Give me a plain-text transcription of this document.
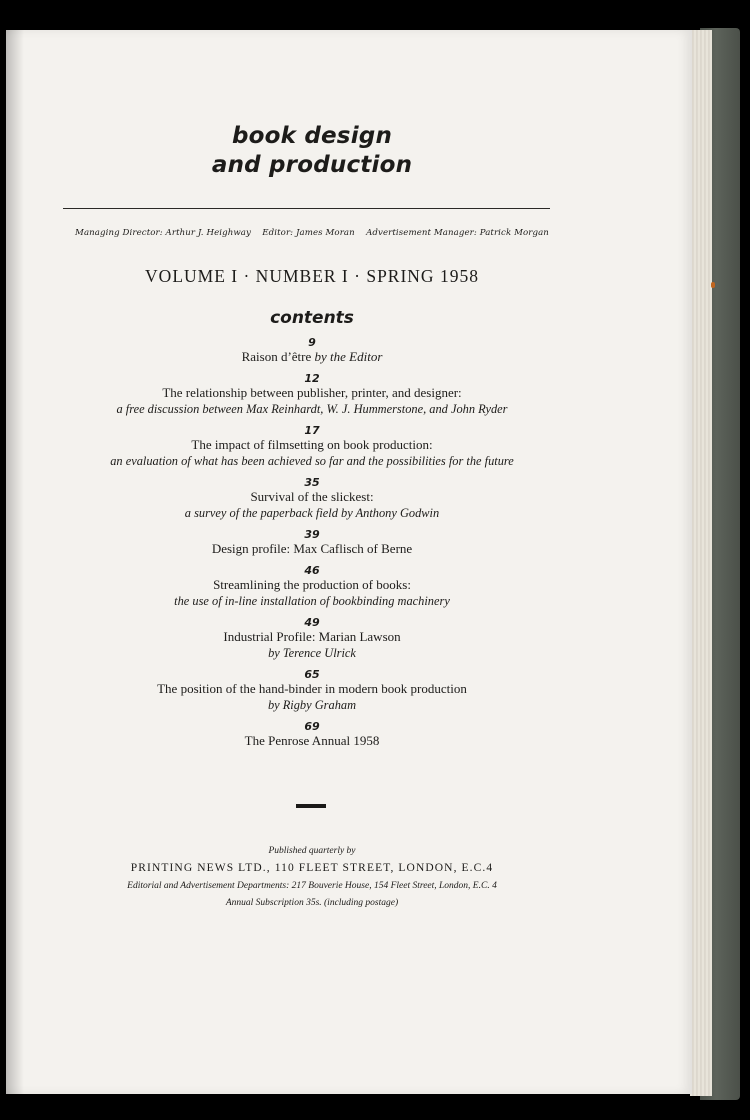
book design
and production
Managing Director: Arthur J. Heighway    Editor: James Moran    Advertisement Manager: Patrick Morgan
VOLUME I · NUMBER I · SPRING 1958
contents
9
Raison d’être by the Editor
12
The relationship between publisher, printer, and designer:
a free discussion between Max Reinhardt, W. J. Hummerstone, and John Ryder
17
The impact of filmsetting on book production:
an evaluation of what has been achieved so far and the possibilities for the future
35
Survival of the slickest:
a survey of the paperback field by Anthony Godwin
39
Design profile: Max Caflisch of Berne
46
Streamlining the production of books:
the use of in-line installation of bookbinding machinery
49
Industrial Profile: Marian Lawson
by Terence Ulrick
65
The position of the hand-binder in modern book production
by Rigby Graham
69
The Penrose Annual 1958
Published quarterly by
PRINTING NEWS LTD., 110 FLEET STREET, LONDON, E.C.4
Editorial and Advertisement Departments: 217 Bouverie House, 154 Fleet Street, London, E.C. 4
Annual Subscription 35s. (including postage)
